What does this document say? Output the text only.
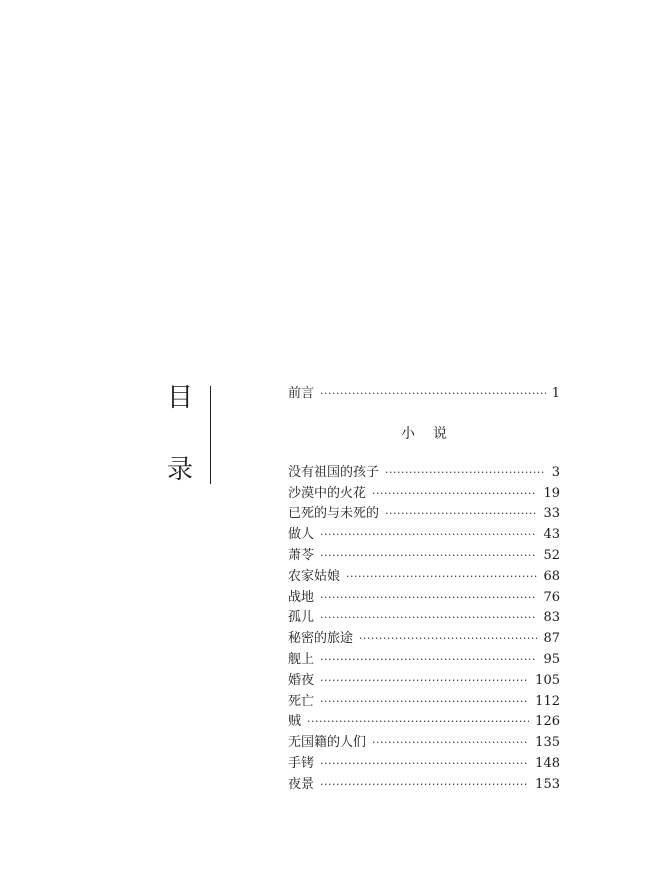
目
录
前言 ·····	1
小说
没有祖国的孩子 ·····	3
沙漠中的火花 ·····	19
已死的与未死的 ·····	33
做人 ·····	43
萧苓 ·····	52
农家姑娘 ·····	68
战地 ·····	76
孤儿 ·····	83
秘密的旅途 ·····	87
舰上 ·····	95
婚夜 ·····	105
死亡 ·····	112
贼 ·····	126
无国籍的人们 ·····	135
手铐 ·····	148
夜景 ·····	153
